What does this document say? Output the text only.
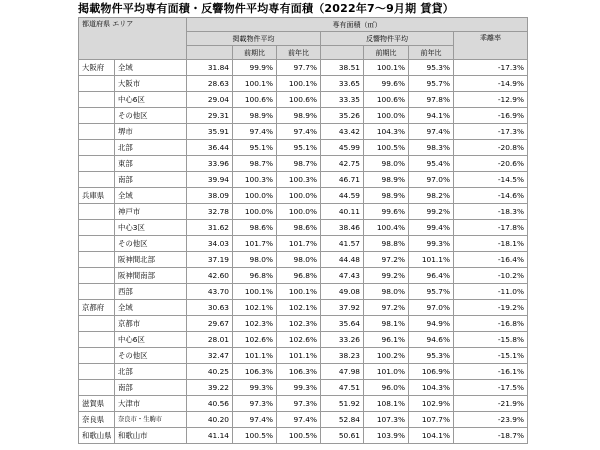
掲載物件平均専有面積・反響物件平均専有面積（2022年7～9月期 賃貸）
都道府県 エリア		専有面積（㎡）						
		掲載物件平均			反響物件平均			乖離率
			前期比	前年比		前期比	前年比	
大阪府	全域	31.84	99.9%	97.7%	38.51	100.1%	95.3%	-17.3%
	大阪市	28.63	100.1%	100.1%	33.65	99.6%	95.7%	-14.9%
	中心6区	29.04	100.6%	100.6%	33.35	100.6%	97.8%	-12.9%
	その他区	29.31	98.9%	98.9%	35.26	100.0%	94.1%	-16.9%
	堺市	35.91	97.4%	97.4%	43.42	104.3%	97.4%	-17.3%
	北部	36.44	95.1%	95.1%	45.99	100.5%	98.3%	-20.8%
	東部	33.96	98.7%	98.7%	42.75	98.0%	95.4%	-20.6%
	南部	39.94	100.3%	100.3%	46.71	98.9%	97.0%	-14.5%
兵庫県	全域	38.09	100.0%	100.0%	44.59	98.9%	98.2%	-14.6%
	神戸市	32.78	100.0%	100.0%	40.11	99.6%	99.2%	-18.3%
	中心3区	31.62	98.6%	98.6%	38.46	100.4%	99.4%	-17.8%
	その他区	34.03	101.7%	101.7%	41.57	98.8%	99.3%	-18.1%
	阪神間北部	37.19	98.0%	98.0%	44.48	97.2%	101.1%	-16.4%
	阪神間南部	42.60	96.8%	96.8%	47.43	99.2%	96.4%	-10.2%
	西部	43.70	100.1%	100.1%	49.08	98.0%	95.7%	-11.0%
京都府	全域	30.63	102.1%	102.1%	37.92	97.2%	97.0%	-19.2%
	京都市	29.67	102.3%	102.3%	35.64	98.1%	94.9%	-16.8%
	中心6区	28.01	102.6%	102.6%	33.26	96.1%	94.6%	-15.8%
	その他区	32.47	101.1%	101.1%	38.23	100.2%	95.3%	-15.1%
	北部	40.25	106.3%	106.3%	47.98	101.0%	106.9%	-16.1%
	南部	39.22	99.3%	99.3%	47.51	96.0%	104.3%	-17.5%
滋賀県	大津市	40.56	97.3%	97.3%	51.92	108.1%	102.9%	-21.9%
奈良県	奈良市・生駒市	40.20	97.4%	97.4%	52.84	107.3%	107.7%	-23.9%
和歌山県	和歌山市	41.14	100.5%	100.5%	50.61	103.9%	104.1%	-18.7%
